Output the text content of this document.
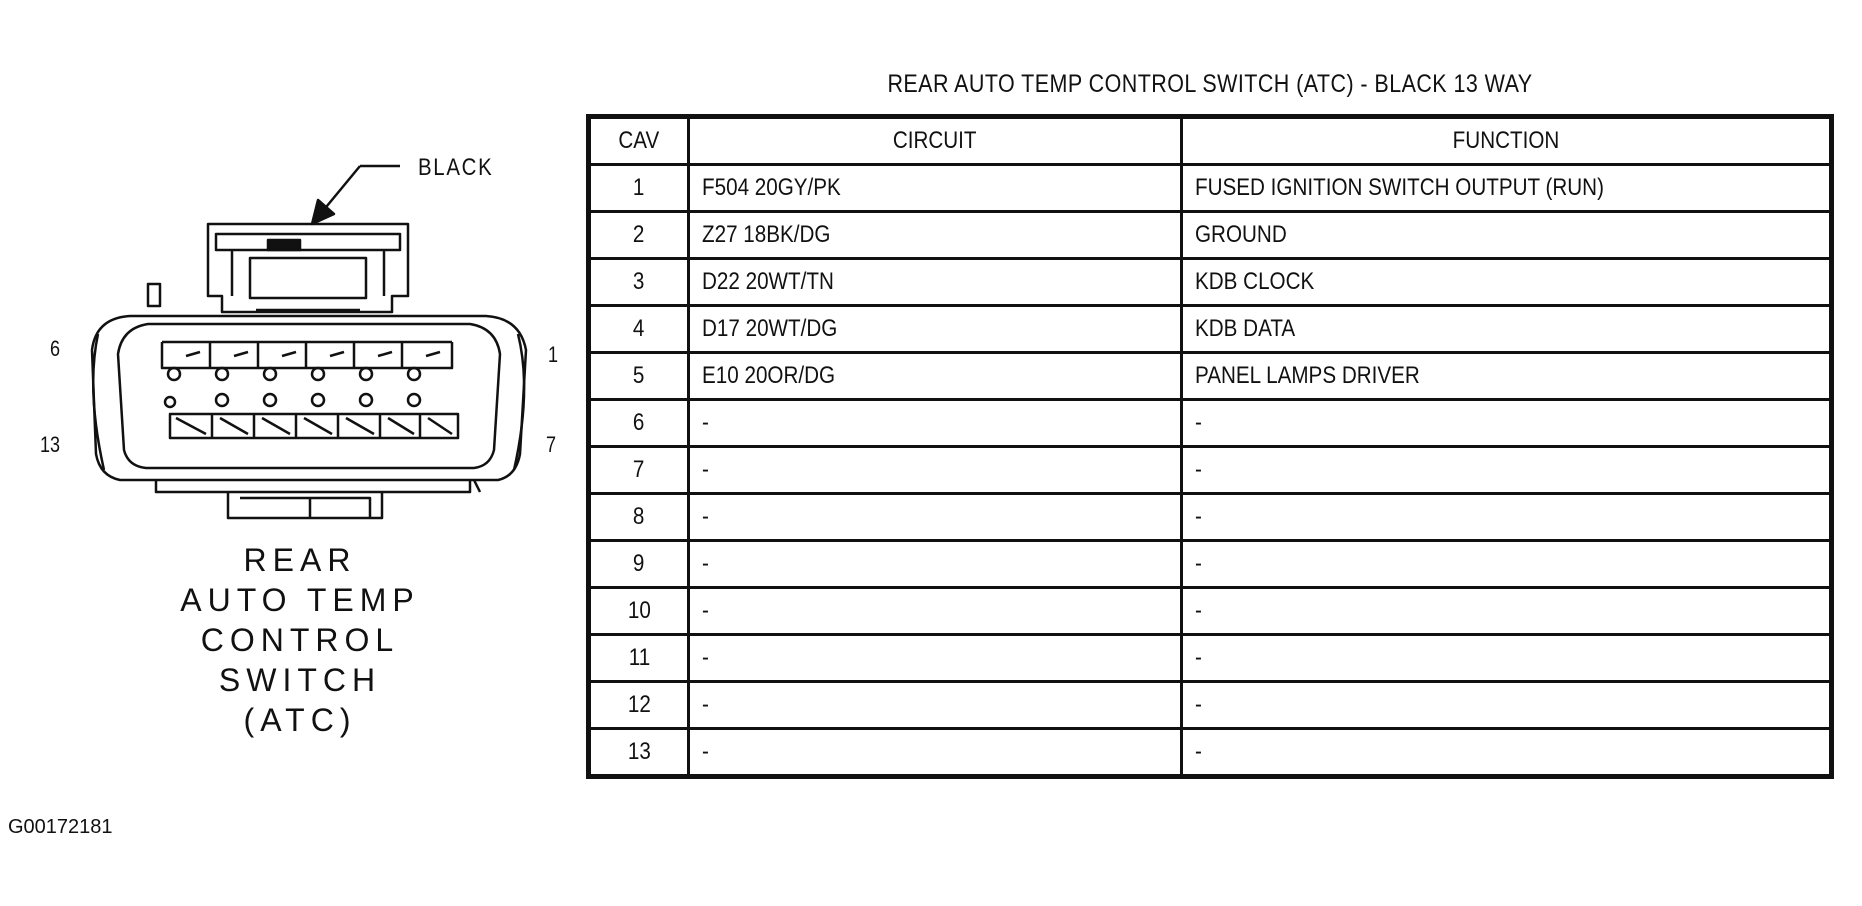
BLACK
6	1
13	7
REAR
AUTO TEMP
CONTROL
SWITCH
(ATC)
REAR AUTO TEMP CONTROL SWITCH (ATC) - BLACK 13 WAY
CAV	CIRCUIT	FUNCTION
1	F504 20GY/PK	FUSED IGNITION SWITCH OUTPUT (RUN)
2	Z27 18BK/DG	GROUND
3	D22 20WT/TN	KDB CLOCK
4	D17 20WT/DG	KDB DATA
5	E10 20OR/DG	PANEL LAMPS DRIVER
6	-	-
7	-	-
8	-	-
9	-	-
10	-	-
11	-	-
12	-	-
13	-	-
G00172181
